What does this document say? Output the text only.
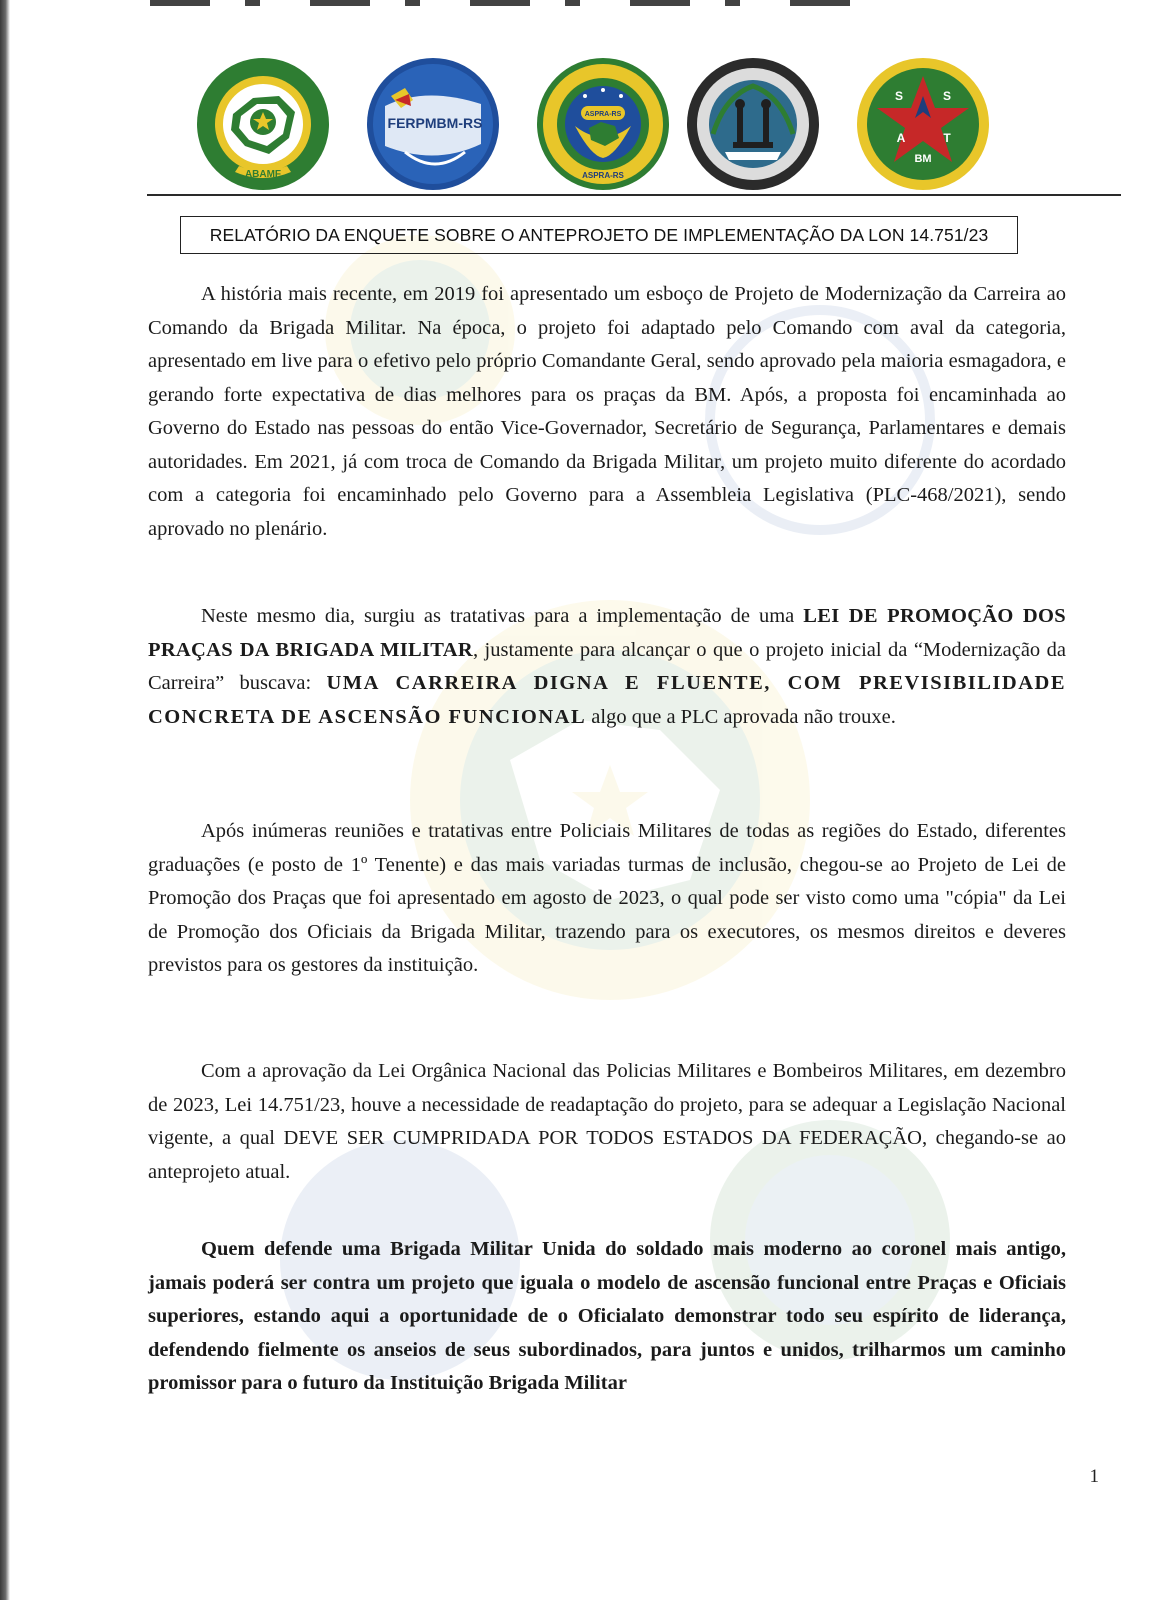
ABAMF
FERPMBM-RS
ASPRA-RS
ASPRA-RS
S	S
A	T
BM
RELATÓRIO DA ENQUETE SOBRE O ANTEPROJETO DE IMPLEMENTAÇÃO DA LON 14.751/23

A história mais recente, em 2019 foi apresentado um esboço de Projeto de Modernização da Carreira ao Comando da Brigada Militar. Na época, o projeto foi adaptado pelo Comando com aval da categoria, apresentado em live para o efetivo pelo próprio Comandante Geral, sendo aprovado pela maioria esmagadora, e gerando forte expectativa de dias melhores para os praças da BM. Após, a proposta foi encaminhada ao Governo do Estado nas pessoas do então Vice-Governador, Secretário de Segurança, Parlamentares e demais autoridades. Em 2021, já com troca de Comando da Brigada Militar, um projeto muito diferente do acordado com a categoria foi encaminhado pelo Governo para a Assembleia Legislativa (PLC-468/2021), sendo aprovado no plenário.

Neste mesmo dia, surgiu as tratativas para a implementação de uma LEI DE PROMOÇÃO DOS PRAÇAS DA BRIGADA MILITAR, justamente para alcançar o que o projeto inicial da “Modernização da Carreira” buscava: UMA CARREIRA DIGNA E FLUENTE, COM PREVISIBILIDADE CONCRETA DE ASCENSÃO FUNCIONAL algo que a PLC aprovada não trouxe.

Após inúmeras reuniões e tratativas entre Policiais Militares de todas as regiões do Estado, diferentes graduações (e posto de 1º Tenente) e das mais variadas turmas de inclusão, chegou-se ao Projeto de Lei de Promoção dos Praças que foi apresentado em agosto de 2023, o qual pode ser visto como uma "cópia" da Lei de Promoção dos Oficiais da Brigada Militar, trazendo para os executores, os mesmos direitos e deveres previstos para os gestores da instituição.

Com a aprovação da Lei Orgânica Nacional das Policias Militares e Bombeiros Militares, em dezembro de 2023, Lei 14.751/23, houve a necessidade de readaptação do projeto, para se adequar a Legislação Nacional vigente, a qual DEVE SER CUMPRIDADA POR TODOS ESTADOS DA FEDERAÇÃO, chegando-se ao anteprojeto atual.

Quem defende uma Brigada Militar Unida do soldado mais moderno ao coronel mais antigo, jamais poderá ser contra um projeto que iguala o modelo de ascensão funcional entre Praças e Oficiais superiores, estando aqui a oportunidade de o Oficialato demonstrar todo seu espírito de liderança, defendendo fielmente os anseios de seus subordinados, para juntos e unidos, trilharmos um caminho promissor para o futuro da Instituição Brigada Militar

1
